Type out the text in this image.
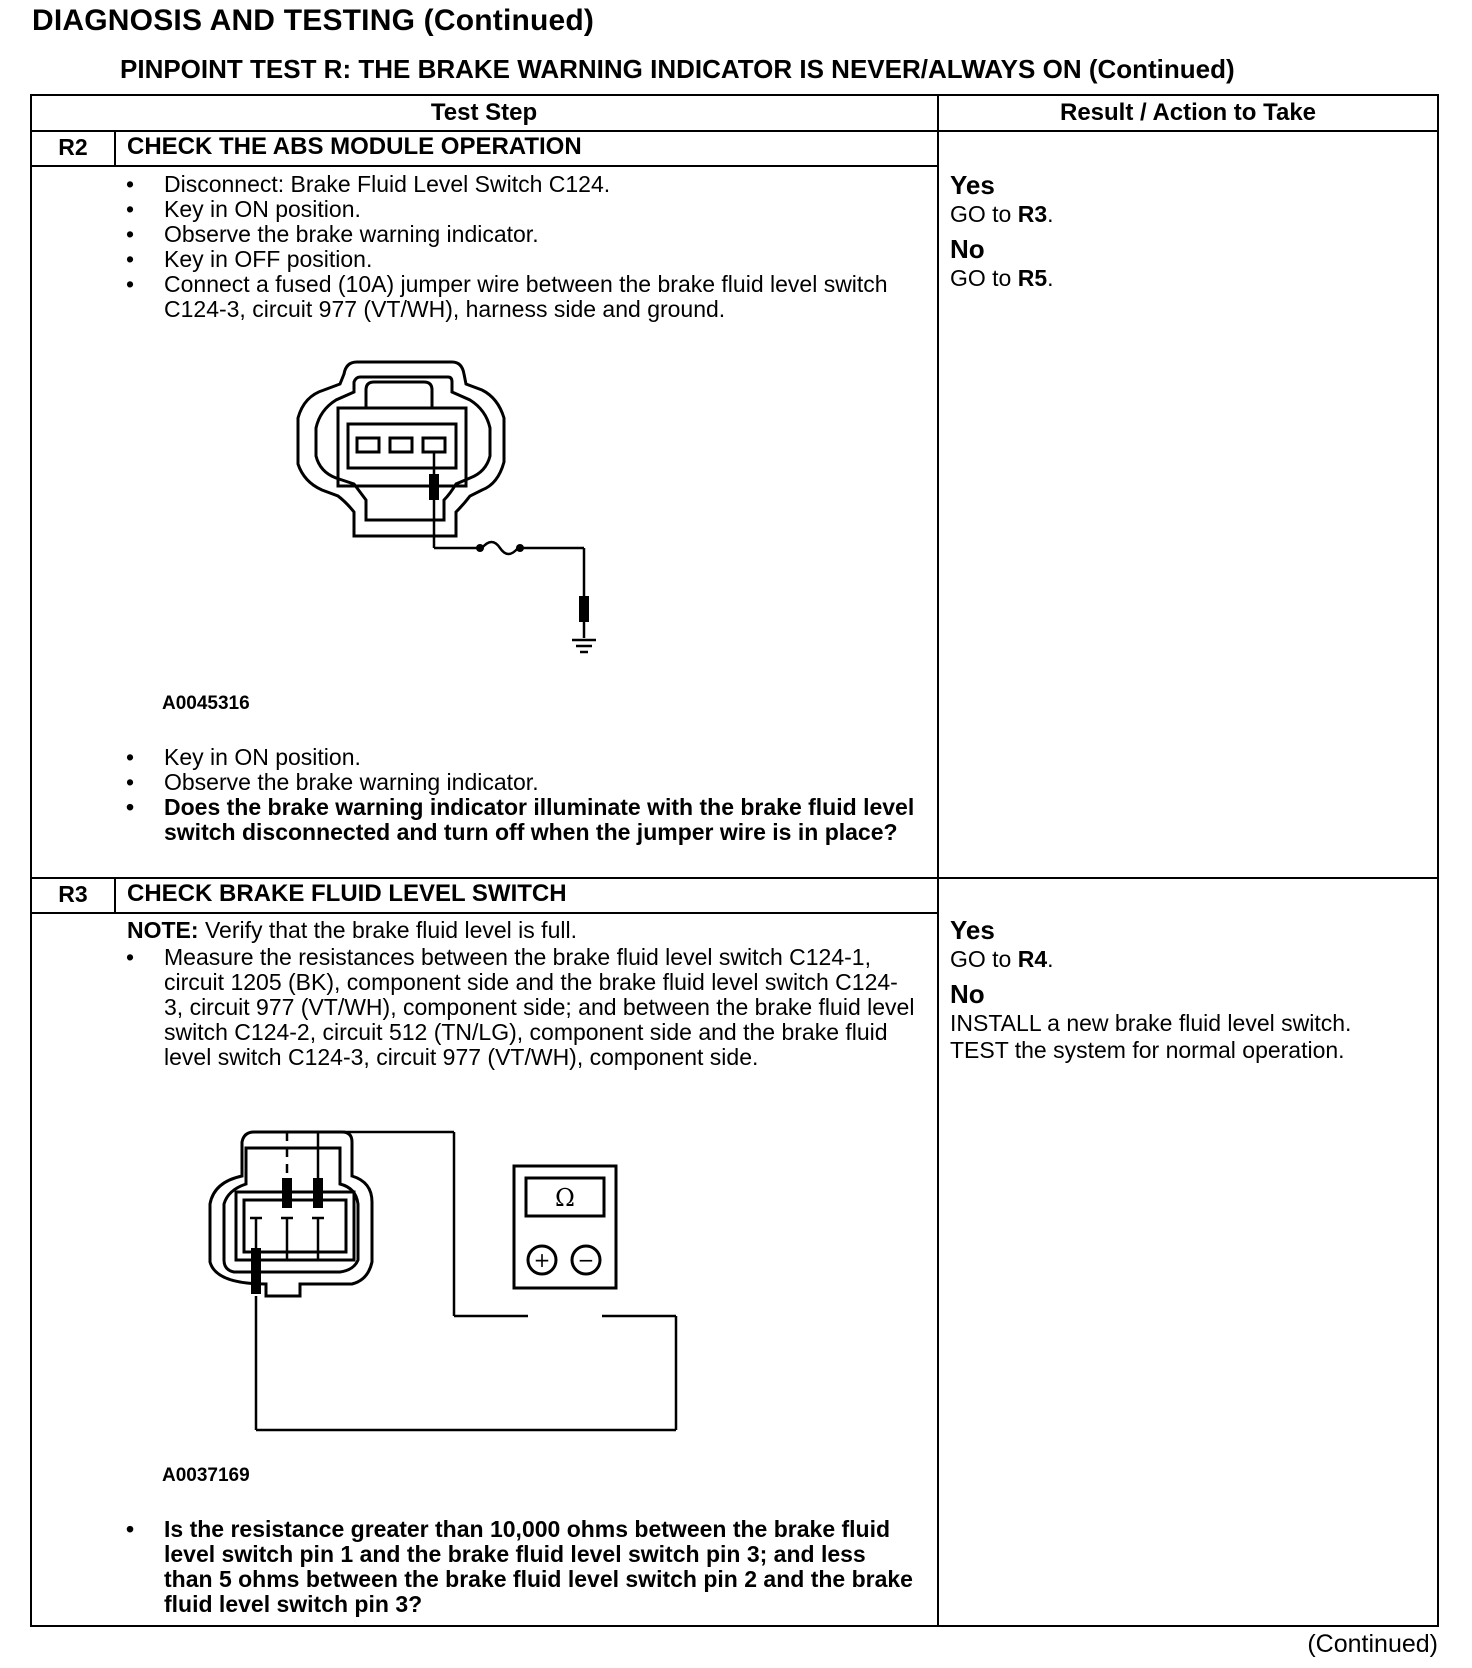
DIAGNOSIS AND TESTING (Continued)
PINPOINT TEST R: THE BRAKE WARNING INDICATOR IS NEVER/ALWAYS ON (Continued)
Test Step	Result / Action to Take
R2	CHECK THE ABS MODULE OPERATION
• Disconnect: Brake Fluid Level Switch C124.
• Key in ON position.
• Observe the brake warning indicator.
• Key in OFF position.
• Connect a fused (10A) jumper wire between the brake fluid level switch C124-3, circuit 977 (VT/WH), harness side and ground.
A0045316
• Key in ON position.
• Observe the brake warning indicator.
• Does the brake warning indicator illuminate with the brake fluid level switch disconnected and turn off when the jumper wire is in place?
Yes
GO to R3.
No
GO to R5.
R3	CHECK BRAKE FLUID LEVEL SWITCH
NOTE: Verify that the brake fluid level is full.
• Measure the resistances between the brake fluid level switch C124-1, circuit 1205 (BK), component side and the brake fluid level switch C124-3, circuit 977 (VT/WH), component side; and between the brake fluid level switch C124-2, circuit 512 (TN/LG), component side and the brake fluid level switch C124-3, circuit 977 (VT/WH), component side.
Ω
+ −
A0037169
• Is the resistance greater than 10,000 ohms between the brake fluid level switch pin 1 and the brake fluid level switch pin 3; and less than 5 ohms between the brake fluid level switch pin 2 and the brake fluid level switch pin 3?
Yes
GO to R4.
No
INSTALL a new brake fluid level switch.
TEST the system for normal operation.
(Continued)
